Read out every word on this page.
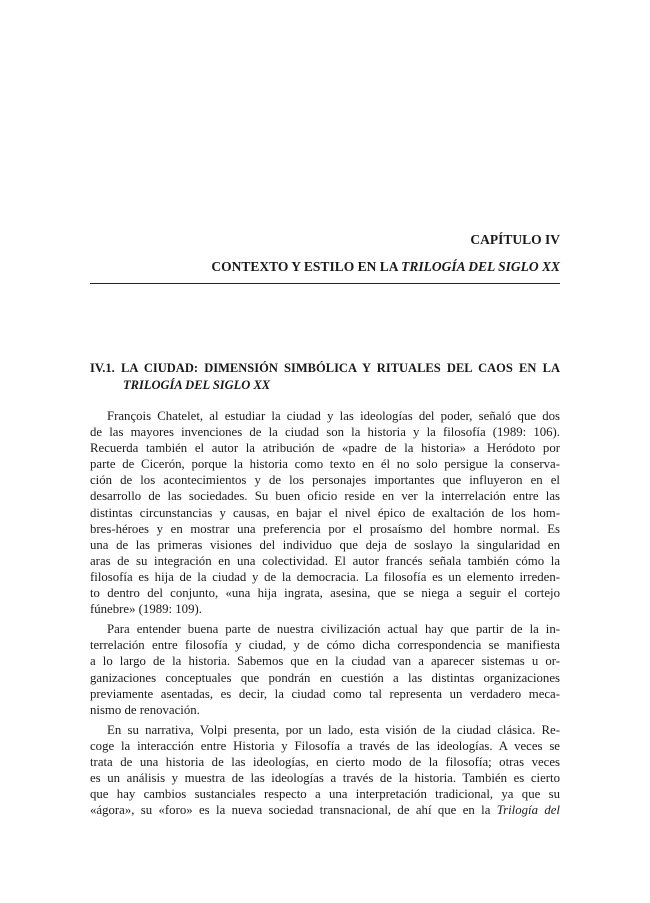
CAPÍTULO IV
CONTEXTO Y ESTILO EN LA TRILOGÍA DEL SIGLO XX
IV.1. LA CIUDAD: DIMENSIÓN SIMBÓLICA Y RITUALES DEL CAOS EN LA
TRILOGÍA DEL SIGLO XX
François Chatelet, al estudiar la ciudad y las ideologías del poder, señaló que dos
de las mayores invenciones de la ciudad son la historia y la filosofía (1989: 106).
Recuerda también el autor la atribución de «padre de la historia» a Heródoto por
parte de Cicerón, porque la historia como texto en él no solo persigue la conserva-
ción de los acontecimientos y de los personajes importantes que influyeron en el
desarrollo de las sociedades. Su buen oficio reside en ver la interrelación entre las
distintas circunstancias y causas, en bajar el nivel épico de exaltación de los hom-
bres-héroes y en mostrar una preferencia por el prosaísmo del hombre normal. Es
una de las primeras visiones del individuo que deja de soslayo la singularidad en
aras de su integración en una colectividad. El autor francés señala también cómo la
filosofía es hija de la ciudad y de la democracia. La filosofía es un elemento irreden-
to dentro del conjunto, «una hija ingrata, asesina, que se niega a seguir el cortejo
fúnebre» (1989: 109).
Para entender buena parte de nuestra civilización actual hay que partir de la in-
terrelación entre filosofía y ciudad, y de cómo dicha correspondencia se manifiesta
a lo largo de la historia. Sabemos que en la ciudad van a aparecer sistemas u or-
ganizaciones conceptuales que pondrán en cuestión a las distintas organizaciones
previamente asentadas, es decir, la ciudad como tal representa un verdadero meca-
nismo de renovación.
En su narrativa, Volpi presenta, por un lado, esta visión de la ciudad clásica. Re-
coge la interacción entre Historia y Filosofía a través de las ideologías. A veces se
trata de una historia de las ideologías, en cierto modo de la filosofía; otras veces
es un análisis y muestra de las ideologías a través de la historia. También es cierto
que hay cambios sustanciales respecto a una interpretación tradicional, ya que su
«ágora», su «foro» es la nueva sociedad transnacional, de ahí que en la Trilogía del
